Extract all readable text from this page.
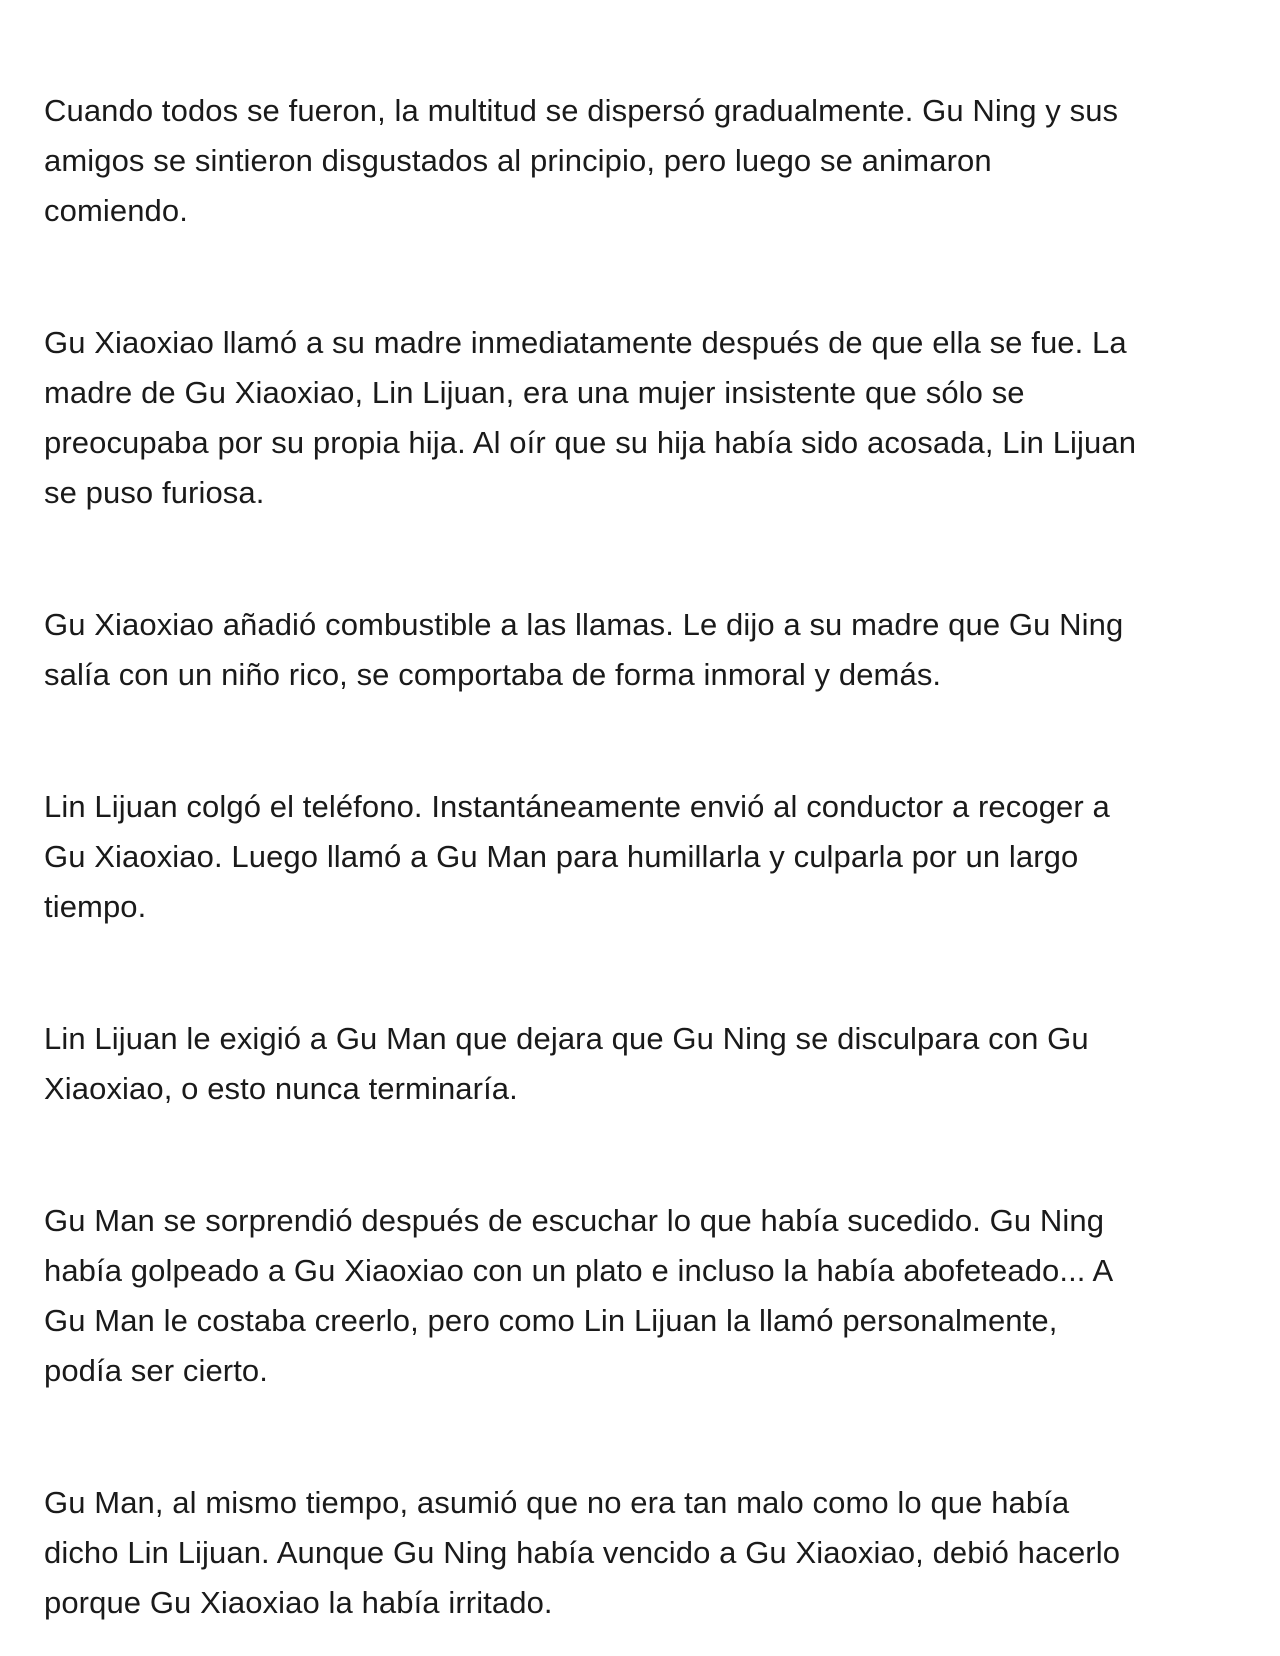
Cuando todos se fueron, la multitud se dispersó gradualmente. Gu Ning y sus
amigos se sintieron disgustados al principio, pero luego se animaron
comiendo.

Gu Xiaoxiao llamó a su madre inmediatamente después de que ella se fue. La
madre de Gu Xiaoxiao, Lin Lijuan, era una mujer insistente que sólo se
preocupaba por su propia hija. Al oír que su hija había sido acosada, Lin Lijuan
se puso furiosa.

Gu Xiaoxiao añadió combustible a las llamas. Le dijo a su madre que Gu Ning
salía con un niño rico, se comportaba de forma inmoral y demás.

Lin Lijuan colgó el teléfono. Instantáneamente envió al conductor a recoger a
Gu Xiaoxiao. Luego llamó a Gu Man para humillarla y culparla por un largo
tiempo.

Lin Lijuan le exigió a Gu Man que dejara que Gu Ning se disculpara con Gu
Xiaoxiao, o esto nunca terminaría.

Gu Man se sorprendió después de escuchar lo que había sucedido. Gu Ning
había golpeado a Gu Xiaoxiao con un plato e incluso la había abofeteado... A
Gu Man le costaba creerlo, pero como Lin Lijuan la llamó personalmente,
podía ser cierto.

Gu Man, al mismo tiempo, asumió que no era tan malo como lo que había
dicho Lin Lijuan. Aunque Gu Ning había vencido a Gu Xiaoxiao, debió hacerlo
porque Gu Xiaoxiao la había irritado.
